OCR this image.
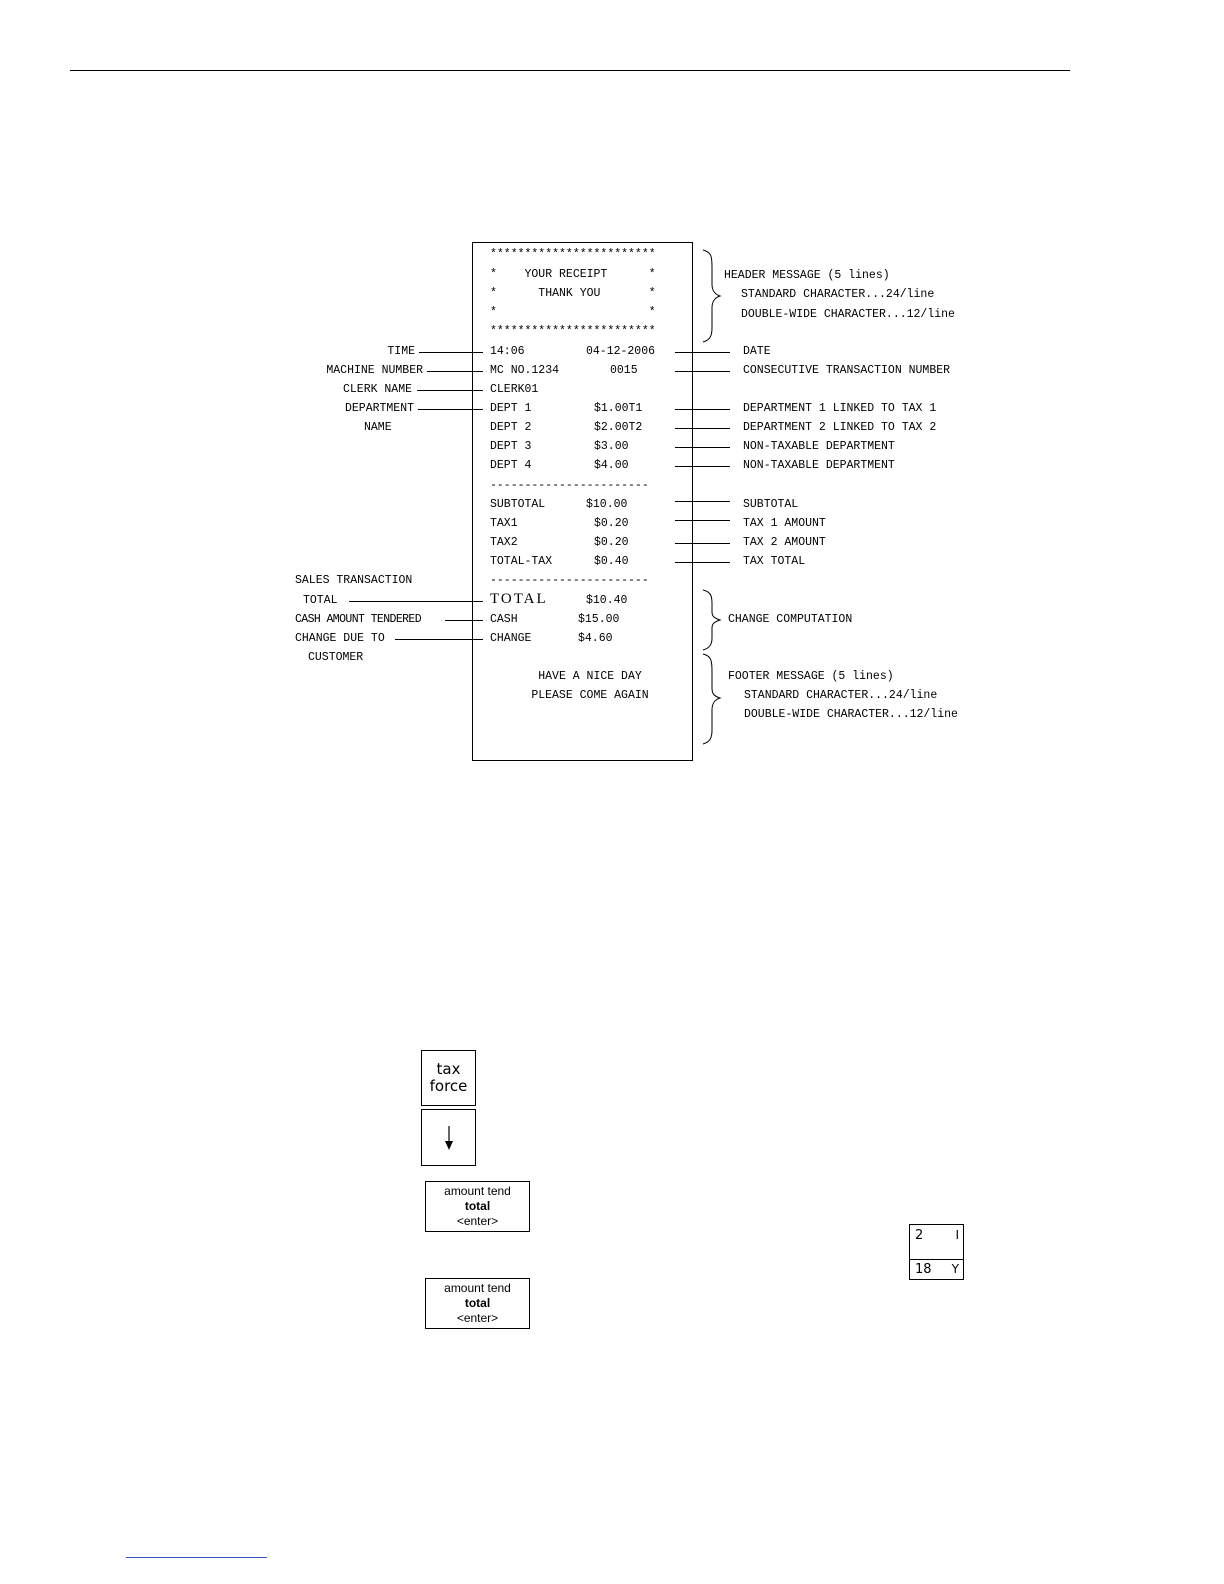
************************
*    YOUR RECEIPT      *
*      THANK YOU       *
*                      *
************************
14:06	04-12-2006
MC NO.1234	0015
CLERK01
DEPT 1	$1.00T1
DEPT 2	$2.00T2
DEPT 3	$3.00
DEPT 4	$4.00
-----------------------
SUBTOTAL	$10.00
TAX1	$0.20
TAX2	$0.20
TOTAL-TAX	$0.40
-----------------------
TOTAL	$10.40
CASH	$15.00
CHANGE	$4.60
HAVE A NICE DAY
PLEASE COME AGAIN
TIME
MACHINE NUMBER
CLERK NAME
DEPARTMENT
NAME
SALES TRANSACTION
TOTAL
CASH AMOUNT TENDERED
CHANGE DUE TO
CUSTOMER
HEADER MESSAGE (5 lines)
STANDARD CHARACTER...24/line
DOUBLE-WIDE CHARACTER...12/line
DATE
CONSECUTIVE TRANSACTION NUMBER
DEPARTMENT 1 LINKED TO TAX 1
DEPARTMENT 2 LINKED TO TAX 2
NON-TAXABLE DEPARTMENT
NON-TAXABLE DEPARTMENT
SUBTOTAL
TAX 1 AMOUNT
TAX 2 AMOUNT
TAX TOTAL
CHANGE COMPUTATION
FOOTER MESSAGE (5 lines)
STANDARD CHARACTER...24/line
DOUBLE-WIDE CHARACTER...12/line
tax
force
amount tend
total
<enter>
amount tend
total
<enter>
2	I
18 Y
